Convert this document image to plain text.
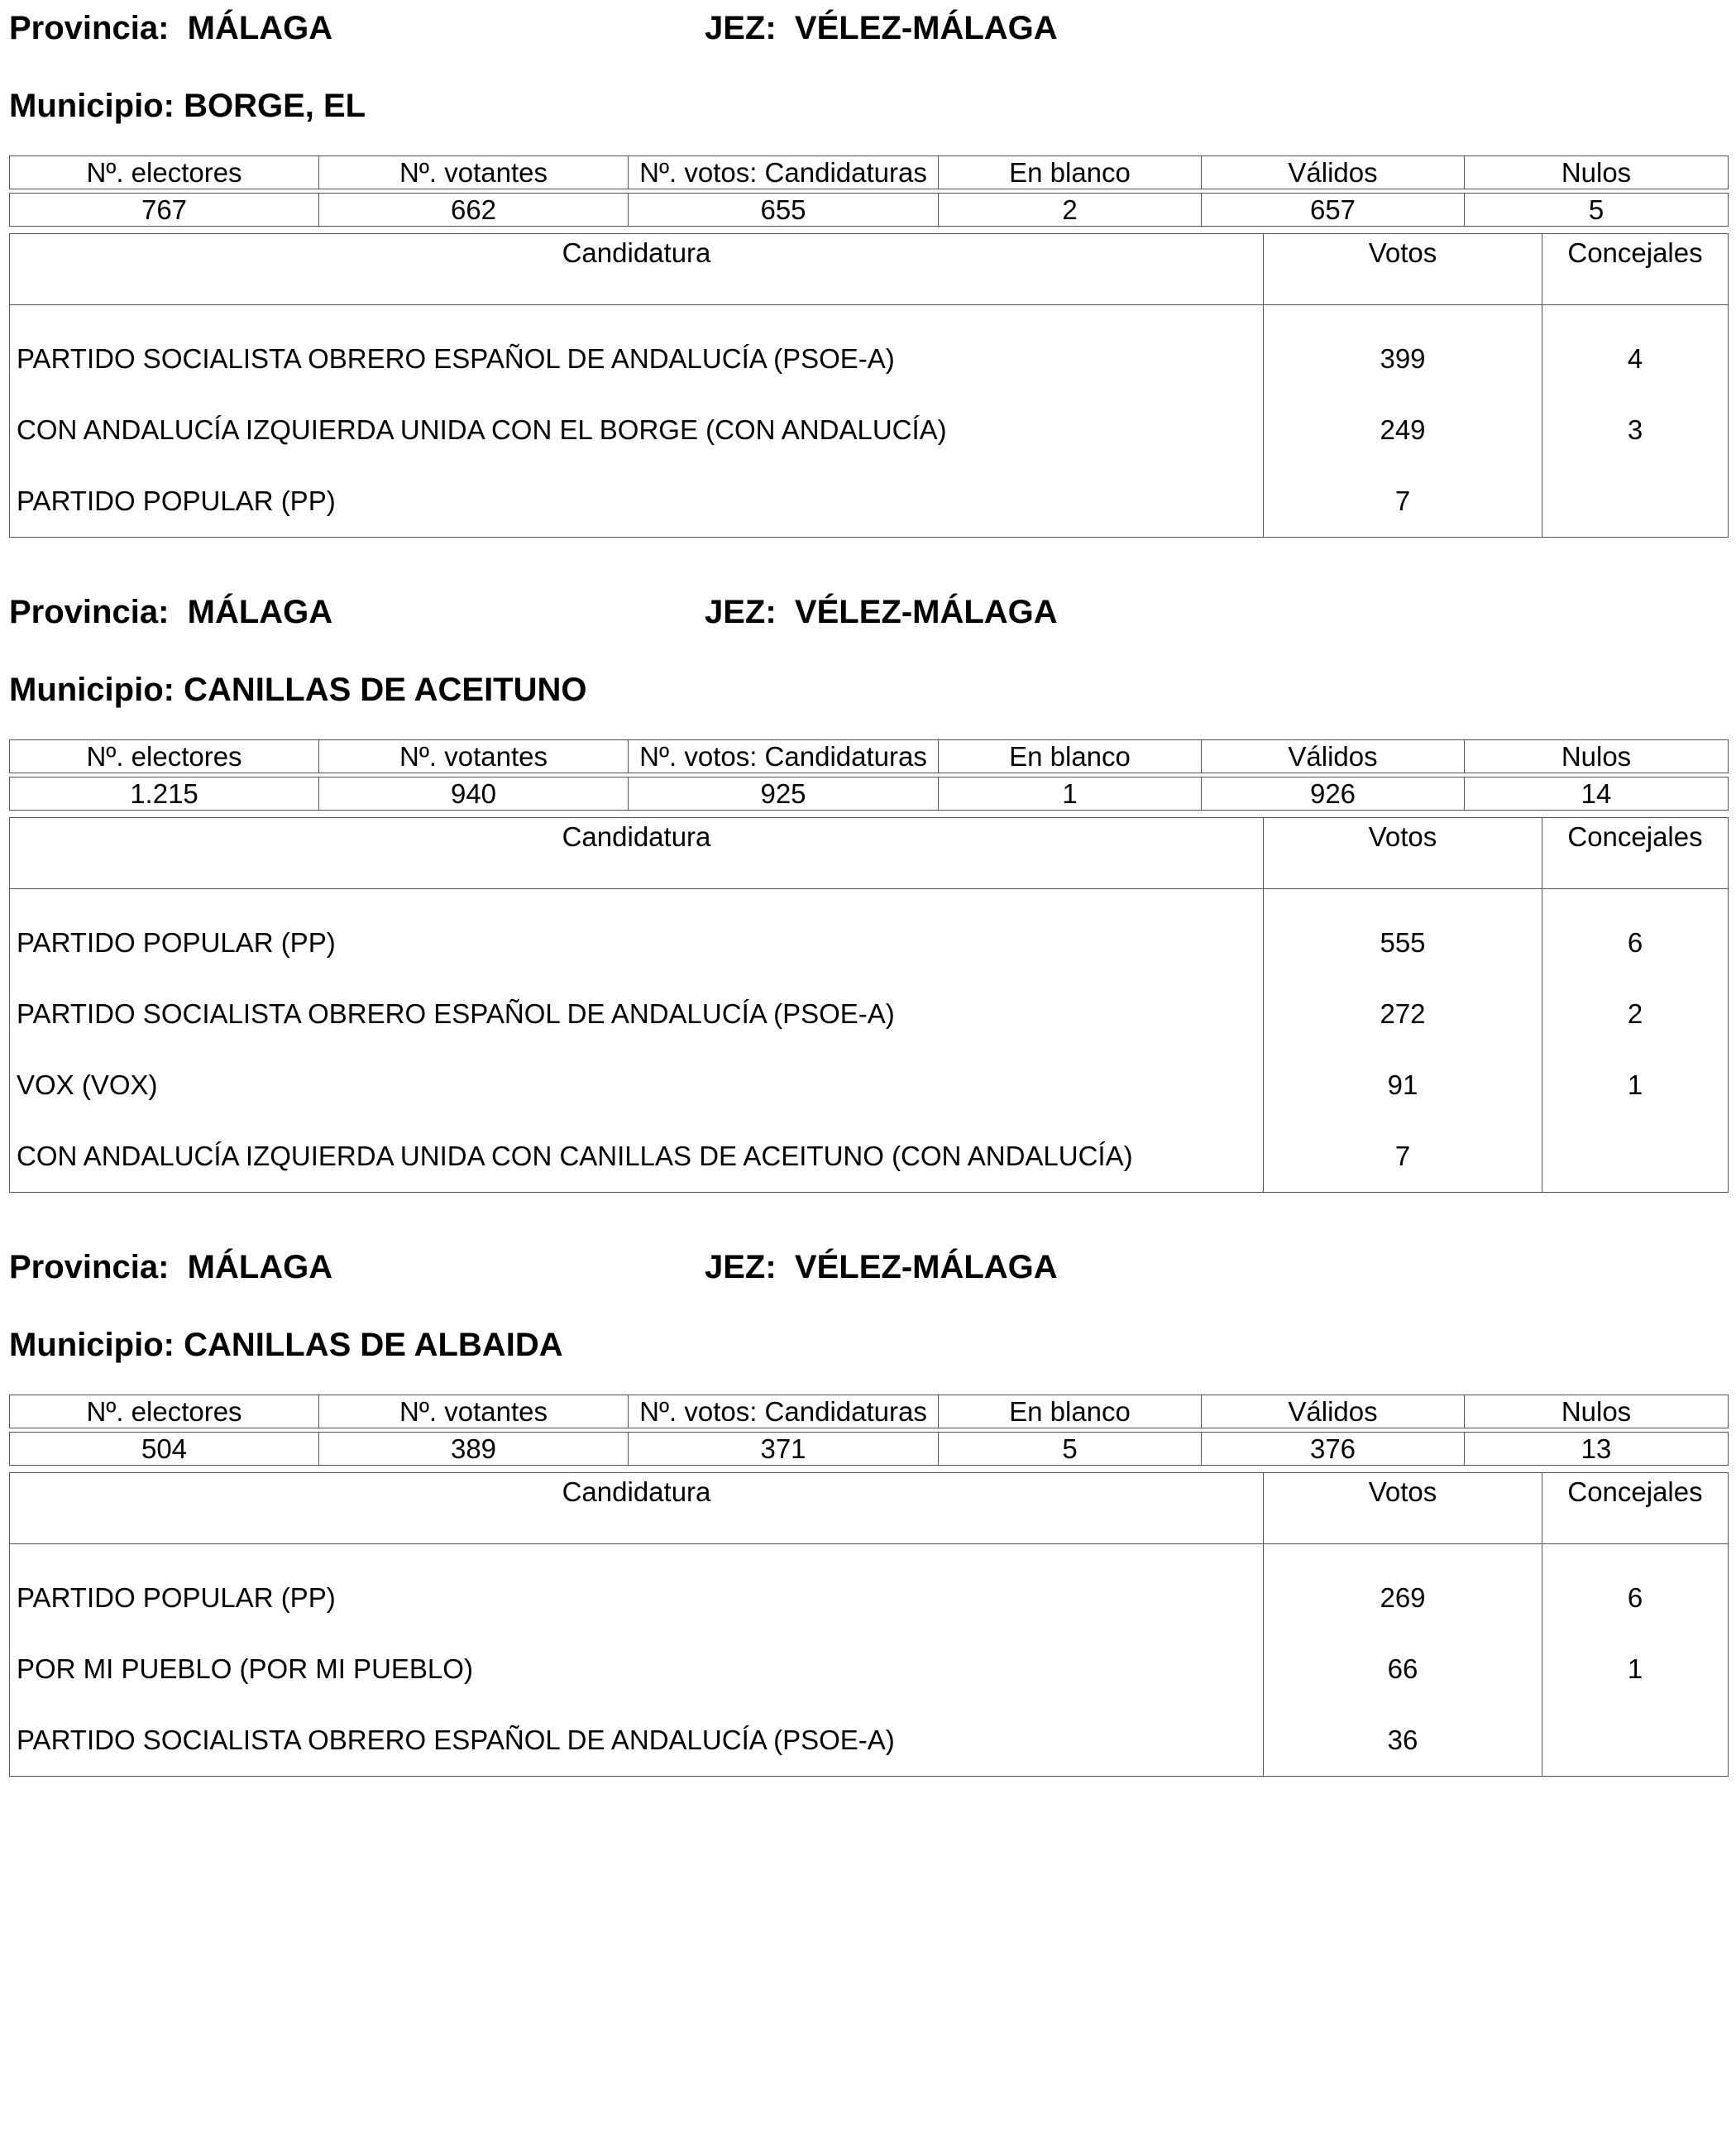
Provincia: MÁLAGA	JEZ: VÉLEZ-MÁLAGA
Municipio: BORGE, EL
Nº. electores	Nº. votantes	Nº. votos: Candidaturas	En blanco	Válidos	Nulos

767	662	655	2	657	5
Candidatura	Votos	Concejales
PARTIDO SOCIALISTA OBRERO ESPAÑOL DE ANDALUCÍA (PSOE-A)	399	4
CON ANDALUCÍA IZQUIERDA UNIDA CON EL BORGE (CON ANDALUCÍA)	249	3
PARTIDO POPULAR (PP)	7	
Provincia: MÁLAGA	JEZ: VÉLEZ-MÁLAGA
Municipio: CANILLAS DE ACEITUNO
Nº. electores	Nº. votantes	Nº. votos: Candidaturas	En blanco	Válidos	Nulos

1.215	940	925	1	926	14
Candidatura	Votos	Concejales
PARTIDO POPULAR (PP)	555	6
PARTIDO SOCIALISTA OBRERO ESPAÑOL DE ANDALUCÍA (PSOE-A)	272	2
VOX (VOX)	91	1
CON ANDALUCÍA IZQUIERDA UNIDA CON CANILLAS DE ACEITUNO (CON ANDALUCÍA)	7	
Provincia: MÁLAGA	JEZ: VÉLEZ-MÁLAGA
Municipio: CANILLAS DE ALBAIDA
Nº. electores	Nº. votantes	Nº. votos: Candidaturas	En blanco	Válidos	Nulos

504	389	371	5	376	13
Candidatura	Votos	Concejales
PARTIDO POPULAR (PP)	269	6
POR MI PUEBLO (POR MI PUEBLO)	66	1
PARTIDO SOCIALISTA OBRERO ESPAÑOL DE ANDALUCÍA (PSOE-A)	36	
